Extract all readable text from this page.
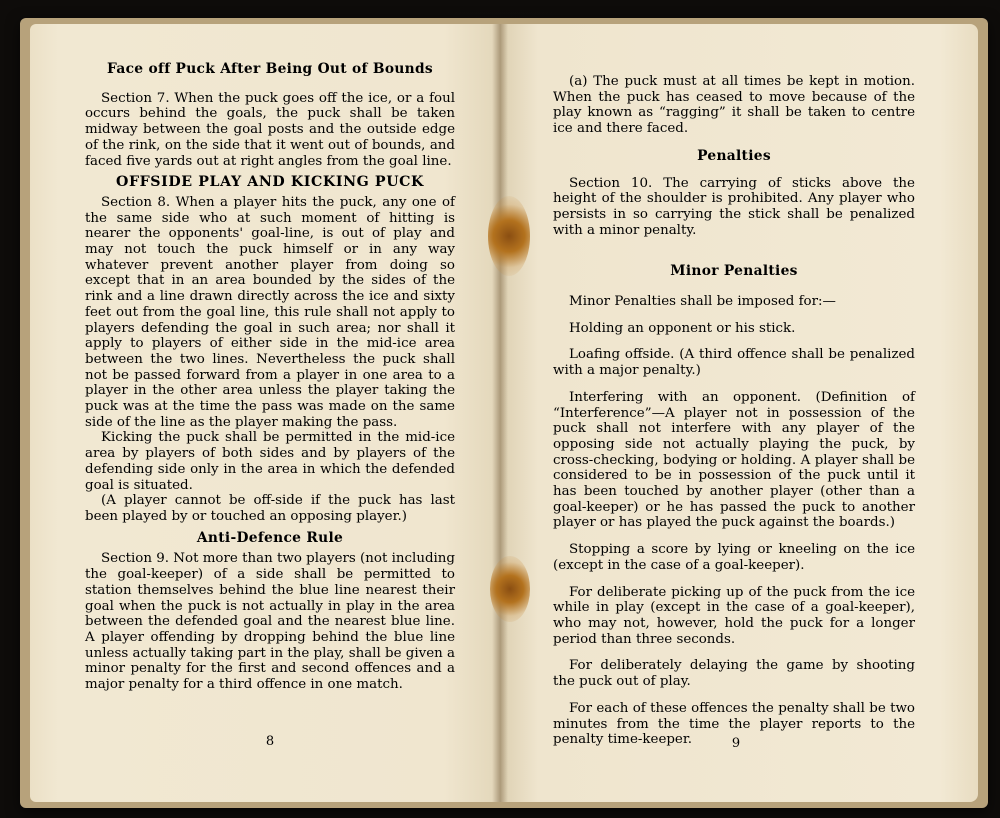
Face off Puck After Being Out of Bounds

Section 7. When the puck goes off the ice, or a foul occurs behind the goals, the puck shall be taken midway between the goal posts and the outside edge of the rink, on the side that it went out of bounds, and faced five yards out at right angles from the goal line.

OFFSIDE PLAY AND KICKING PUCK

Section 8. When a player hits the puck, any one of the same side who at such moment of hitting is nearer the opponents' goal-line, is out of play and may not touch the puck himself or in any way whatever prevent another player from doing so except that in an area bounded by the sides of the rink and a line drawn directly across the ice and sixty feet out from the goal line, this rule shall not apply to players defending the goal in such area; nor shall it apply to players of either side in the mid-ice area between the two lines. Nevertheless the puck shall not be passed forward from a player in one area to a player in the other area unless the player taking the puck was at the time the pass was made on the same side of the line as the player making the pass.

Kicking the puck shall be permitted in the mid-ice area by players of both sides and by players of the defending side only in the area in which the defended goal is situated.

(A player cannot be off-side if the puck has last been played by or touched an opposing player.)

Anti-Defence Rule

Section 9. Not more than two players (not including the goal-keeper) of a side shall be permitted to station themselves behind the blue line nearest their goal when the puck is not actually in play in the area between the defended goal and the nearest blue line. A player offending by dropping behind the blue line unless actually taking part in the play, shall be given a minor penalty for the first and second offences and a major penalty for a third offence in one match.

8

(a) The puck must at all times be kept in motion. When the puck has ceased to move because of the play known as “ragging” it shall be taken to centre ice and there faced.

Penalties

Section 10. The carrying of sticks above the height of the shoulder is prohibited. Any player who persists in so carrying the stick shall be penalized with a minor penalty.

Minor Penalties

Minor Penalties shall be imposed for:—

Holding an opponent or his stick.

Loafing offside. (A third offence shall be penalized with a major penalty.)

Interfering with an opponent. (Definition of “Interference”—A player not in possession of the puck shall not interfere with any player of the opposing side not actually playing the puck, by cross-checking, bodying or holding. A player shall be considered to be in possession of the puck until it has been touched by another player (other than a goal-keeper) or he has passed the puck to another player or has played the puck against the boards.)

Stopping a score by lying or kneeling on the ice (except in the case of a goal-keeper).

For deliberate picking up of the puck from the ice while in play (except in the case of a goal-keeper), who may not, however, hold the puck for a longer period than three seconds.

For deliberately delaying the game by shooting the puck out of play.

For each of these offences the penalty shall be two minutes from the time the player reports to the penalty time-keeper.	9
